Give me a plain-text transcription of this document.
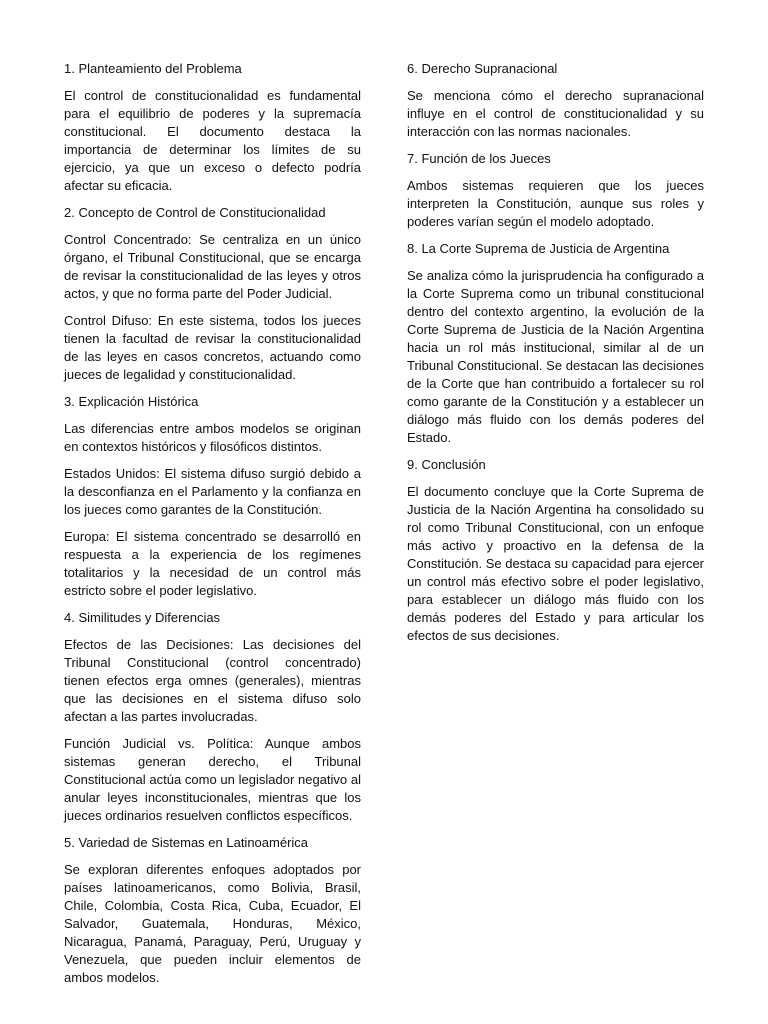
1. Planteamiento del Problema

El control de constitucionalidad es fundamental para el equilibrio de poderes y la supremacía constitucional. El documento destaca la importancia de determinar los límites de su ejercicio, ya que un exceso o defecto podría afectar su eficacia.

2. Concepto de Control de Constitucionalidad

Control Concentrado: Se centraliza en un único órgano, el Tribunal Constitucional, que se encarga de revisar la constitucionalidad de las leyes y otros actos, y que no forma parte del Poder Judicial.

Control Difuso: En este sistema, todos los jueces tienen la facultad de revisar la constitucionalidad de las leyes en casos concretos, actuando como jueces de legalidad y constitucionalidad.

3. Explicación Histórica

Las diferencias entre ambos modelos se originan en contextos históricos y filosóficos distintos.

Estados Unidos: El sistema difuso surgió debido a la desconfianza en el Parlamento y la confianza en los jueces como garantes de la Constitución.

Europa: El sistema concentrado se desarrolló en respuesta a la experiencia de los regímenes totalitarios y la necesidad de un control más estricto sobre el poder legislativo.

4. Similitudes y Diferencias

Efectos de las Decisiones: Las decisiones del Tribunal Constitucional (control concentrado) tienen efectos erga omnes (generales), mientras que las decisiones en el sistema difuso solo afectan a las partes involucradas.

Función Judicial vs. Política: Aunque ambos sistemas generan derecho, el Tribunal Constitucional actúa como un legislador negativo al anular leyes inconstitucionales, mientras que los jueces ordinarios resuelven conflictos específicos.

5. Variedad de Sistemas en Latinoamérica

Se exploran diferentes enfoques adoptados por países latinoamericanos, como Bolivia, Brasil, Chile, Colombia, Costa Rica, Cuba, Ecuador, El Salvador, Guatemala, Honduras, México, Nicaragua, Panamá, Paraguay, Perú, Uruguay y Venezuela, que pueden incluir elementos de ambos modelos.

6. Derecho Supranacional

Se menciona cómo el derecho supranacional influye en el control de constitucionalidad y su interacción con las normas nacionales.

7. Función de los Jueces

Ambos sistemas requieren que los jueces interpreten la Constitución, aunque sus roles y poderes varían según el modelo adoptado.

8. La Corte Suprema de Justicia de Argentina

Se analiza cómo la jurisprudencia ha configurado a la Corte Suprema como un tribunal constitucional dentro del contexto argentino, la evolución de la Corte Suprema de Justicia de la Nación Argentina hacia un rol más institucional, similar al de un Tribunal Constitucional. Se destacan las decisiones de la Corte que han contribuido a fortalecer su rol como garante de la Constitución y a establecer un diálogo más fluido con los demás poderes del Estado.

9. Conclusión

El documento concluye que la Corte Suprema de Justicia de la Nación Argentina ha consolidado su rol como Tribunal Constitucional, con un enfoque más activo y proactivo en la defensa de la Constitución. Se destaca su capacidad para ejercer un control más efectivo sobre el poder legislativo, para establecer un diálogo más fluido con los demás poderes del Estado y para articular los efectos de sus decisiones.
